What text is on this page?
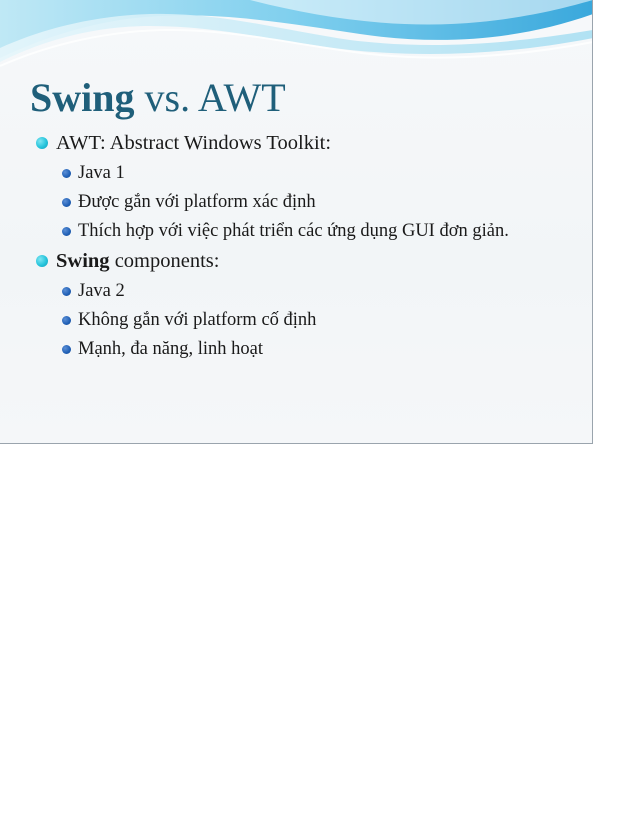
Swing vs. AWT
AWT: Abstract Windows Toolkit:
Java 1
Được gắn với platform xác định
Thích hợp với việc phát triển các ứng dụng GUI đơn giản.
Swing components:
Java 2
Không gắn với platform cố định
Mạnh, đa năng, linh hoạt
